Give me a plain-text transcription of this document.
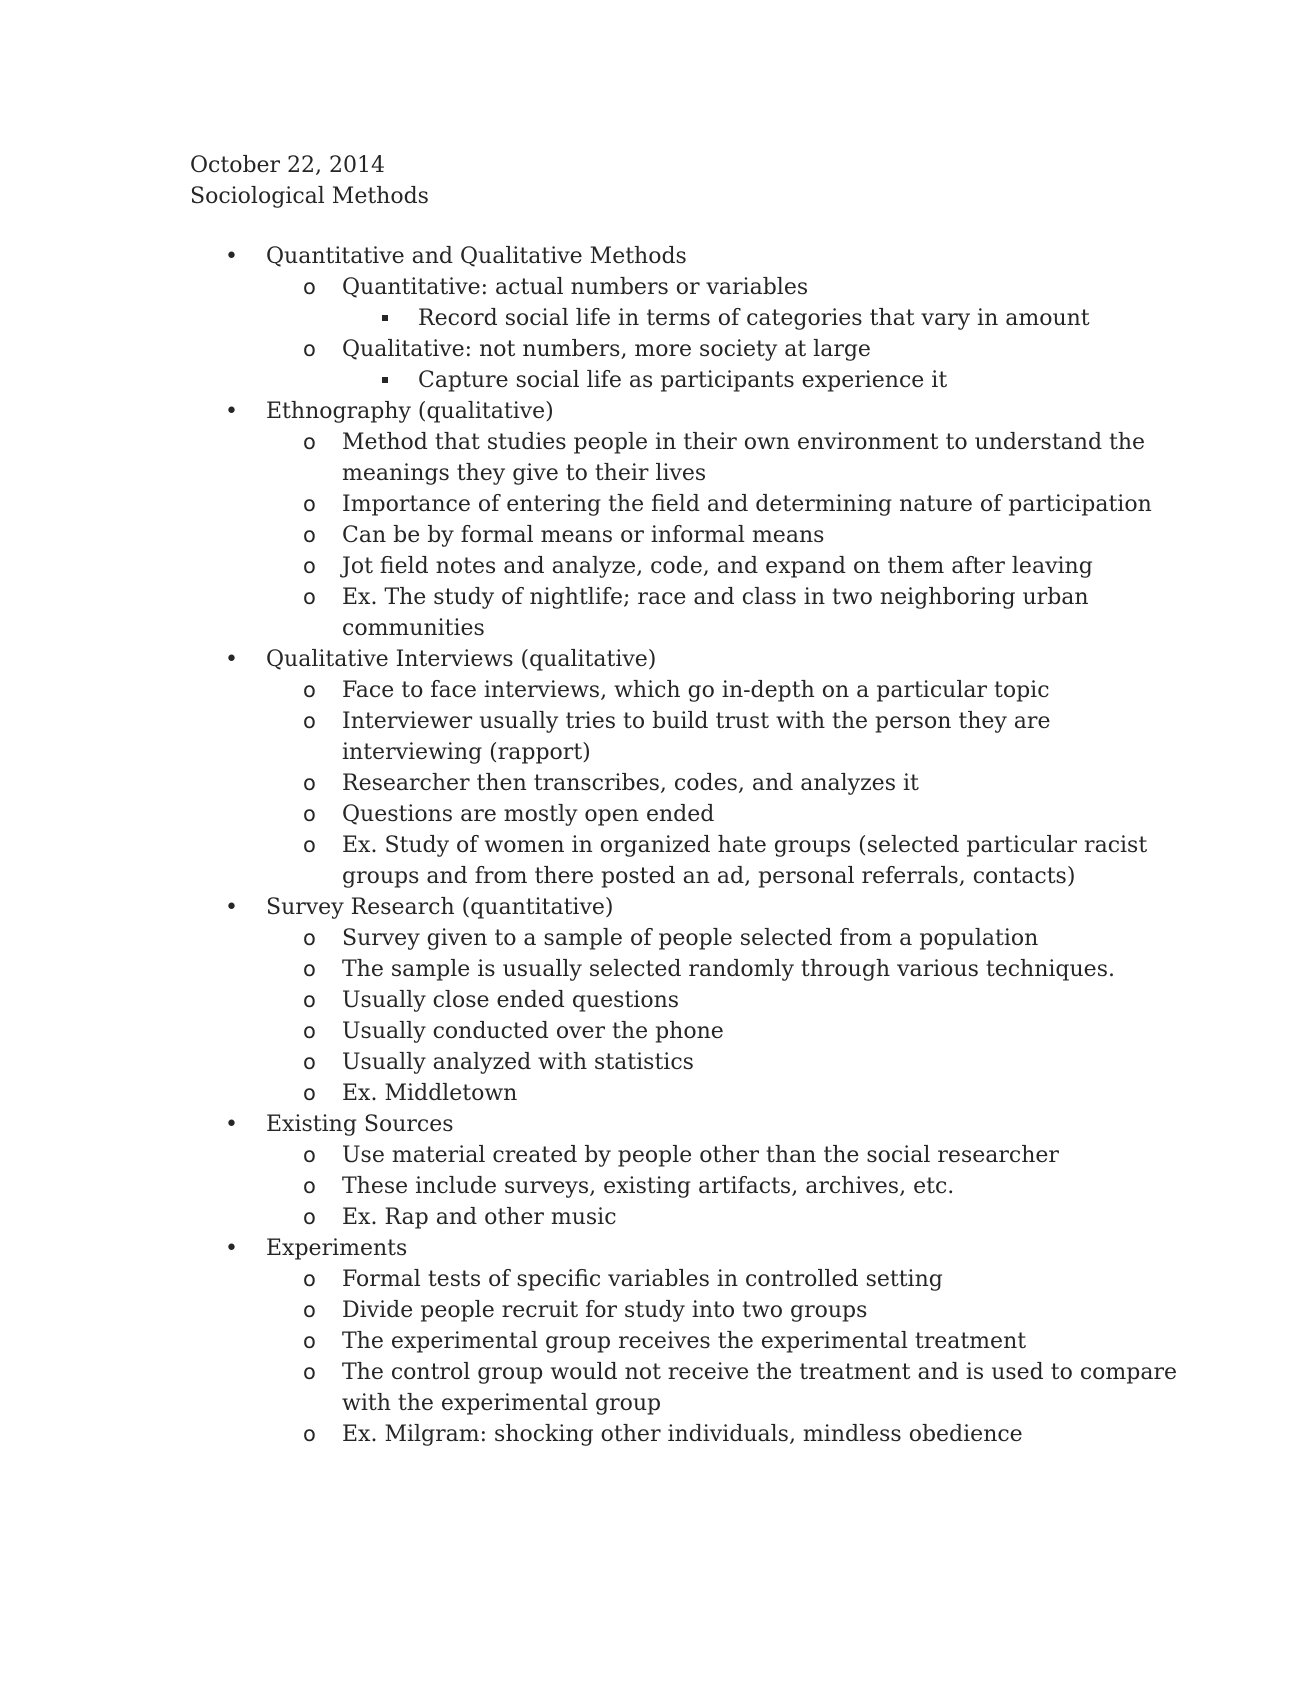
October 22, 2014
Sociological Methods
• Quantitative and Qualitative Methods
o Quantitative: actual numbers or variables
Record social life in terms of categories that vary in amount
o Qualitative: not numbers, more society at large
Capture social life as participants experience it
• Ethnography (qualitative)
o Method that studies people in their own environment to understand the meanings they give to their lives
o Importance of entering the field and determining nature of participation
o Can be by formal means or informal means
o Jot field notes and analyze, code, and expand on them after leaving
o Ex. The study of nightlife; race and class in two neighboring urban communities
• Qualitative Interviews (qualitative)
o Face to face interviews, which go in-depth on a particular topic
o Interviewer usually tries to build trust with the person they are interviewing (rapport)
o Researcher then transcribes, codes, and analyzes it
o Questions are mostly open ended
o Ex. Study of women in organized hate groups (selected particular racist groups and from there posted an ad, personal referrals, contacts)
• Survey Research (quantitative)
o Survey given to a sample of people selected from a population
o The sample is usually selected randomly through various techniques.
o Usually close ended questions
o Usually conducted over the phone
o Usually analyzed with statistics
o Ex. Middletown
• Existing Sources
o Use material created by people other than the social researcher
o These include surveys, existing artifacts, archives, etc.
o Ex. Rap and other music
• Experiments
o Formal tests of specific variables in controlled setting
o Divide people recruit for study into two groups
o The experimental group receives the experimental treatment
o The control group would not receive the treatment and is used to compare with the experimental group
o Ex. Milgram: shocking other individuals, mindless obedience
